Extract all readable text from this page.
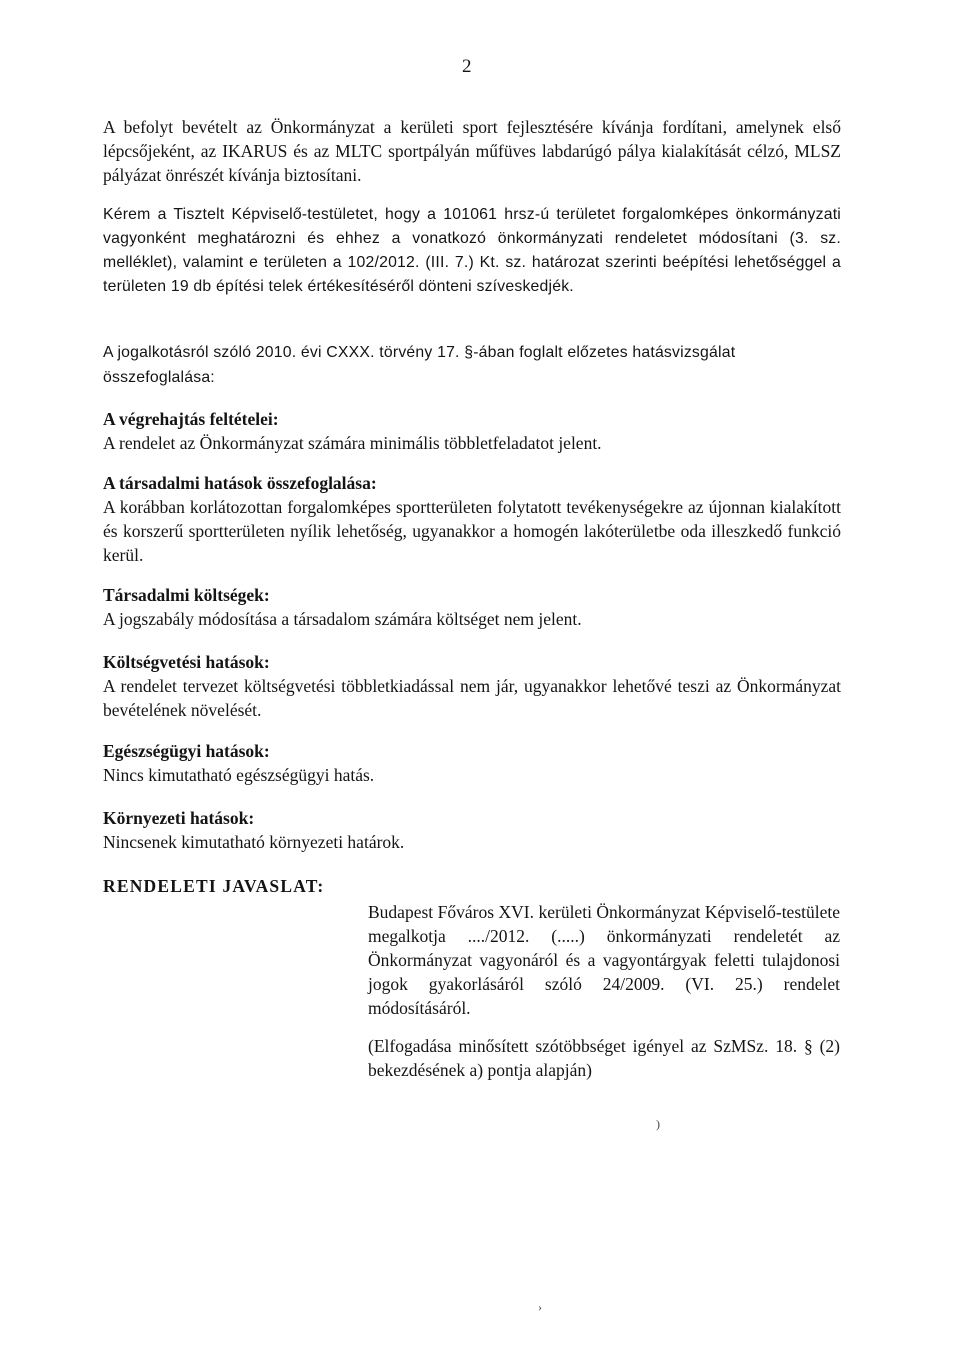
2
A befolyt bevételt az Önkormányzat a kerületi sport fejlesztésére kívánja fordítani, amelynek első lépcsőjeként, az IKARUS és az MLTC sportpályán műfüves labdarúgó pálya kialakítását célzó, MLSZ pályázat önrészét kívánja biztosítani.
Kérem a Tisztelt Képviselő-testületet, hogy a 101061 hrsz-ú területet forgalomképes önkormányzati vagyonként meghatározni és ehhez a vonatkozó önkormányzati rendeletet módosítani (3. sz. melléklet), valamint e területen a 102/2012. (III. 7.) Kt. sz. határozat szerinti beépítési lehetőséggel a területen 19 db építési telek értékesítéséről dönteni szíveskedjék.
A jogalkotásról szóló 2010. évi CXXX. törvény 17. §-ában foglalt előzetes hatásvizsgálat összefoglalása:
A végrehajtás feltételei:
A rendelet az Önkormányzat számára minimális többletfeladatot jelent.
A társadalmi hatások összefoglalása:
A korábban korlátozottan forgalomképes sportterületen folytatott tevékenységekre az újonnan kialakított és korszerű sportterületen nyílik lehetőség, ugyanakkor a homogén lakóterületbe oda illeszkedő funkció kerül.
Társadalmi költségek:
A jogszabály módosítása a társadalom számára költséget nem jelent.
Költségvetési hatások:
A rendelet tervezet költségvetési többletkiadással nem jár, ugyanakkor lehetővé teszi az Önkormányzat bevételének növelését.
Egészségügyi hatások:
Nincs kimutatható egészségügyi hatás.
Környezeti hatások:
Nincsenek kimutatható környezeti határok.
RENDELETI JAVASLAT:
Budapest Főváros XVI. kerületi Önkormányzat Képviselő-testülete megalkotja ..../2012. (.....) önkormányzati rendeletét az Önkormányzat vagyonáról és a vagyontárgyak feletti tulajdonosi jogok gyakorlásáról szóló 24/2009. (VI. 25.) rendelet módosításáról.
(Elfogadása minősített szótöbbséget igényel az SzMSz. 18. § (2) bekezdésének a) pontja alapján)
)
›
